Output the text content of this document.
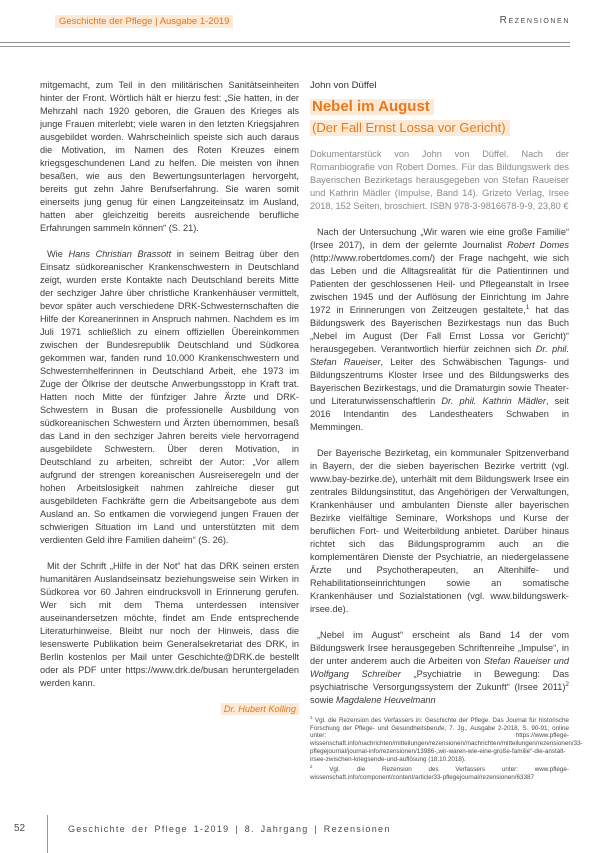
Geschichte der Pflege | Ausgabe 1-2019	Rezensionen

mitgemacht, zum Teil in den militärischen Sanitätseinheiten hinter der Front. Wörtlich hält er hierzu fest: „Sie hatten, in der Mehrzahl nach 1920 geboren, die Grauen des Krieges als junge Frauen miterlebt; viele waren in den letzten Kriegsjahren ausgebildet worden. Wahrscheinlich speiste sich auch daraus die Motivation, im Namen des Roten Kreuzes einem kriegsgeschundenen Land zu helfen. Die meisten von ihnen besaßen, wie aus den Bewertungsunterlagen hervorgeht, bereits gut zehn Jahre Berufserfahrung. Sie waren somit einerseits jung genug für einen Langzeiteinsatz im Ausland, hatten aber gleichzeitig bereits ausreichende berufliche Erfahrungen sammeln können“ (S. 21).

Wie Hans Christian Brassott in seinem Beitrag über den Einsatz südkoreanischer Krankenschwestern in Deutschland zeigt, wurden erste Kontakte nach Deutschland bereits Mitte der sechziger Jahre über christliche Krankenhäuser vermittelt, bevor später auch verschiedene DRK-Schwesternschaften die Hilfe der Koreanerinnen in Anspruch nahmen. Nachdem es im Juli 1971 schließlich zu einem offiziellen Übereinkommen zwischen der Bundesrepublik Deutschland und Südkorea gekommen war, fanden rund 10.000 Krankenschwestern und Schwesternhelferinnen in Deutschland Arbeit, ehe 1973 im Zuge der Ölkrise der deutsche Anwerbungsstopp in Kraft trat. Hatten noch Mitte der fünfziger Jahre Ärzte und DRK-Schwestern in Busan die professionelle Ausbildung von südkoreanischen Schwestern und Ärzten übernommen, besaß das Land in den sechziger Jahren bereits viele hervorragend ausgebildete Schwestern. Über deren Motivation, in Deutschland zu arbeiten, schreibt der Autor: „Vor allem aufgrund der strengen koreanischen Ausreiseregeln und der hohen Arbeitslosigkeit nahmen zahlreiche dieser gut ausgebildeten Fachkräfte gern die Arbeitsangebote aus dem Ausland an. So entkamen die vorwiegend jungen Frauen der schwierigen Situation im Land und unterstützten mit dem verdienten Geld ihre Familien daheim“ (S. 26).

Mit der Schrift „Hilfe in der Not“ hat das DRK seinen ersten humanitären Auslandseinsatz beziehungsweise sein Wirken in Südkorea vor 60 Jahren eindrucksvoll in Erinnerung gerufen. Wer sich mit dem Thema unterdessen intensiver auseinandersetzen möchte, findet am Ende entsprechende Literaturhinweise. Bleibt nur noch der Hinweis, dass die lesenswerte Publikation beim Generalsekretariat des DRK, in Berlin kostenlos per Mail unter Geschichte@DRK.de bestellt oder als PDF unter https://www.drk.de/busan heruntergeladen werden kann.

Dr. Hubert Kolling

John von Düffel

Nebel im August

(Der Fall Ernst Lossa vor Gericht)

Dokumentarstück von John von Düffel. Nach der Romanbiografie von Robert Domes. Für das Bildungswerk des Bayerischen Bezirketags herausgegeben von Stefan Raueiser und Kathrin Mädler (Impulse, Band 14). Grizeto Verlag, Irsee 2018, 152 Seiten, broschiert. ISBN 978-3-9816678-9-9, 23,80 €

Nach der Untersuchung „Wir waren wie eine große Familie“ (Irsee 2017), in dem der gelernte Journalist Robert Domes (http://www.robertdomes.com/) der Frage nachgeht, wie sich das Leben und die Alltagsrealität für die Patientinnen und Patienten der geschlossenen Heil- und Pflegeanstalt in Irsee zwischen 1945 und der Auflösung der Einrichtung im Jahre 1972 in Erinnerungen von Zeitzeugen gestaltete,$^1$ hat das Bildungswerk des Bayerischen Bezirkestags nun das Buch „Nebel im August (Der Fall Ernst Lossa vor Gericht)“ herausgegeben. Verantwortlich hierfür zeichnen sich Dr. phil. Stefan Raueiser, Leiter des Schwäbischen Tagungs- und Bildungszentrums Kloster Irsee und des Bildungswerks des Bayerischen Bezirkestags, und die Dramaturgin sowie Theater- und Literaturwissenschaftlerin Dr. phil. Kathrin Mädler, seit 2016 Intendantin des Landestheaters Schwaben in Memmingen.

Der Bayerische Bezirketag, ein kommunaler Spitzenverband in Bayern, der die sieben bayerischen Bezirke vertritt (vgl. www.bay-bezirke.de), unterhält mit dem Bildungswerk Irsee ein zentrales Bildungsinstitut, das Angehörigen der Verwaltungen, Krankenhäuser und ambulanten Dienste aller bayerischen Bezirke vielfältige Seminare, Workshops und Kurse der beruflichen Fort- und Weiterbildung anbietet. Darüber hinaus richtet sich das Bildungsprogramm auch an die komplementären Dienste der Psychiatrie, an niedergelassene Ärzte und Psychotherapeuten, an Altenhilfe- und Rehabilitationseinrichtungen sowie an somatische Krankenhäuser und Sozialstationen (vgl. www.bildungswerk-irsee.de).

„Nebel im August“ erscheint als Band 14 der vom Bildungswerk Irsee herausgegeben Schriftenreihe „Impulse“, in der unter anderem auch die Arbeiten von Stefan Raueiser und Wolfgang Schreiber „Psychiatrie in Bewegung: Das psychiatrische Versorgungssystem der Zukunft“ (Irsee 2011)$^2$ sowie Magdalene Heuvelmann

$^1$ Vgl. die Rezension des Verfassers in: Geschichte der Pflege. Das Journal für historische Forschung der Pflege- und Gesundheitsberufe, 7. Jg., Ausgabe 2-2018, S. 90-91; online unter: https://www.pflege-wissenschaft.info/nachrichten/mitteilungen/rezensionen//nachrichten/mitteilungen/rezensionen/33-pflegejournal/journal-info/rezensionen/13986-„wir-waren-wie-eine-große-familie“-die-anstalt-irsee-zwischen-kriegsende-und-auflösung (18.10.2018).

$^2$ Vgl. die Rezension des Verfassers unter: www.pflege-wissenschaft.info/component/content/article/33-pflegejournal/rezensionen/63387

52	Geschichte der Pflege 1-2019 | 8. Jahrgang | Rezensionen
